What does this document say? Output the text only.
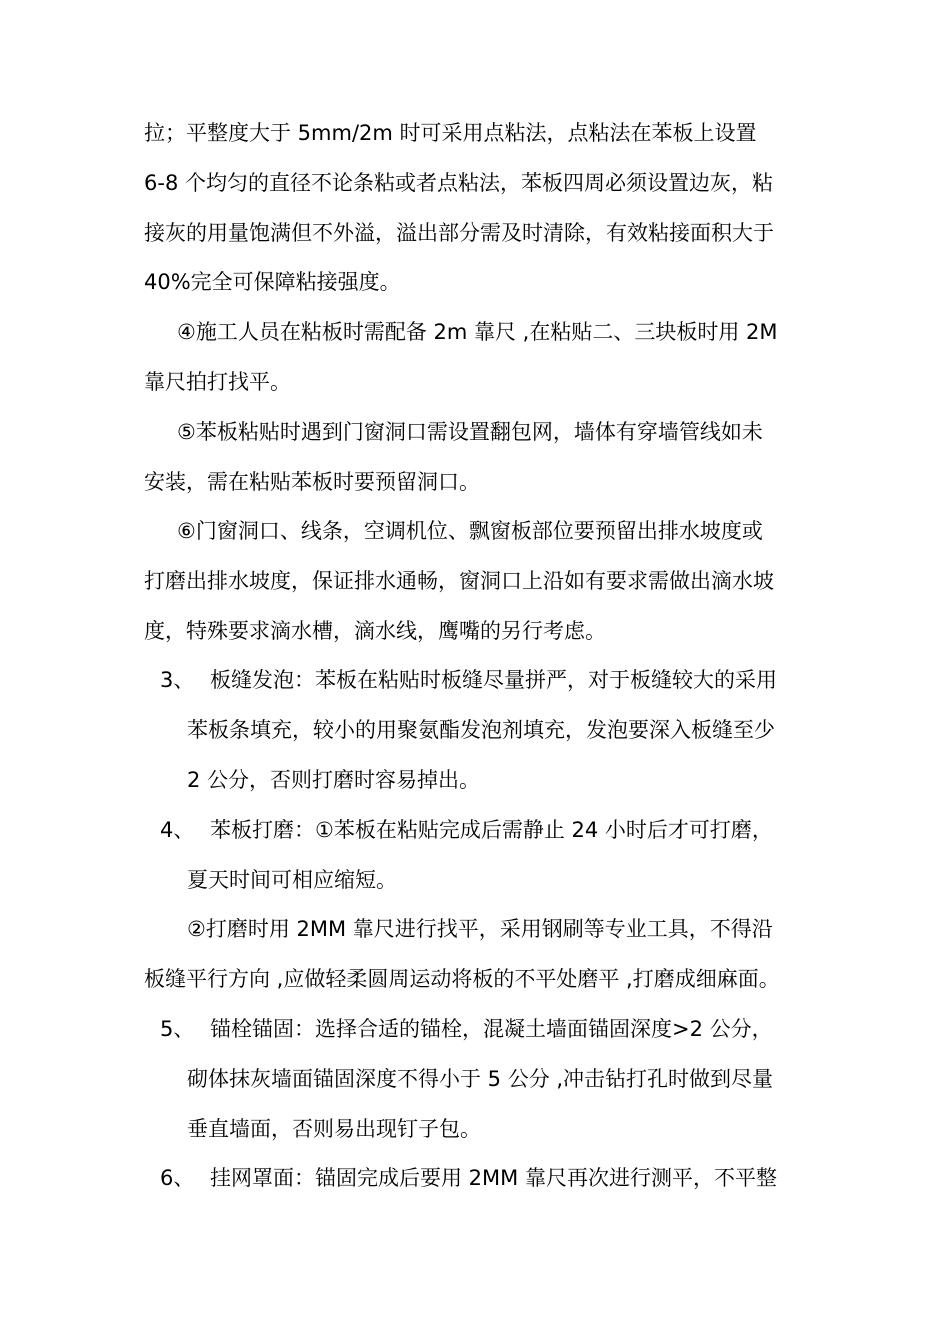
拉；平整度大于 5mm/2m 时可采用点粘法，点粘法在苯板上设置
6-8 个均匀的直径不论条粘或者点粘法，苯板四周必须设置边灰，粘
接灰的用量饱满但不外溢，溢出部分需及时清除，有效粘接面积大于
40%完全可保障粘接强度。
④施工人员在粘板时需配备 2m 靠尺 ,在粘贴二、三块板时用 2M
靠尺拍打找平。
⑤苯板粘贴时遇到门窗洞口需设置翻包网，墙体有穿墙管线如未
安装，需在粘贴苯板时要预留洞口。
⑥门窗洞口、线条，空调机位、飘窗板部位要预留出排水坡度或
打磨出排水坡度，保证排水通畅，窗洞口上沿如有要求需做出滴水坡
度，特殊要求滴水槽，滴水线，鹰嘴的另行考虑。
3、 板缝发泡：苯板在粘贴时板缝尽量拼严，对于板缝较大的采用
苯板条填充，较小的用聚氨酯发泡剂填充，发泡要深入板缝至少
2 公分，否则打磨时容易掉出。
4、 苯板打磨：①苯板在粘贴完成后需静止 24 小时后才可打磨，
夏天时间可相应缩短。
②打磨时用 2MM 靠尺进行找平，采用钢刷等专业工具，不得沿
板缝平行方向 ,应做轻柔圆周运动将板的不平处磨平 ,打磨成细麻面。
5、 锚栓锚固：选择合适的锚栓，混凝土墙面锚固深度>2 公分，
砌体抹灰墙面锚固深度不得小于 5 公分 ,冲击钻打孔时做到尽量
垂直墙面，否则易出现钉子包。
6、 挂网罩面：锚固完成后要用 2MM 靠尺再次进行测平，不平整
